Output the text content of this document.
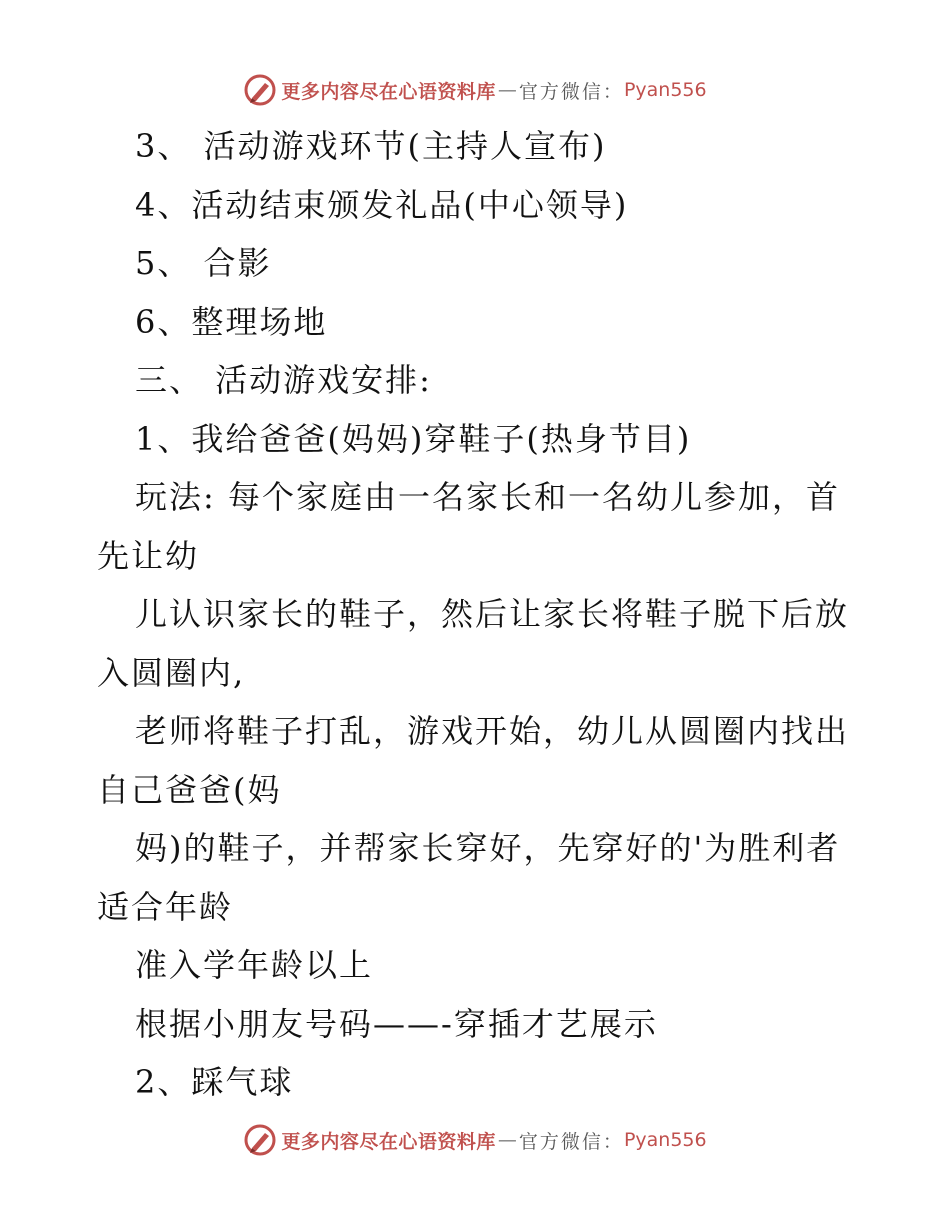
更多内容尽在心语资料库 — 官方微信： Pyan556
3、 活动游戏环节(主持人宣布)
4、活动结束颁发礼品(中心领导)
5、 合影
6、整理场地
三、 活动游戏安排:
1、我给爸爸(妈妈)穿鞋子(热身节目)
玩法: 每个家庭由一名家长和一名幼儿参加，首
先让幼
儿认识家长的鞋子，然后让家长将鞋子脱下后放
入圆圈内,
老师将鞋子打乱，游戏开始，幼儿从圆圈内找出
自己爸爸(妈
妈)的鞋子，并帮家长穿好，先穿好的'为胜利者
适合年龄
准入学年龄以上
根据小朋友号码——-穿插才艺展示
2、踩气球
更多内容尽在心语资料库 — 官方微信： Pyan556
